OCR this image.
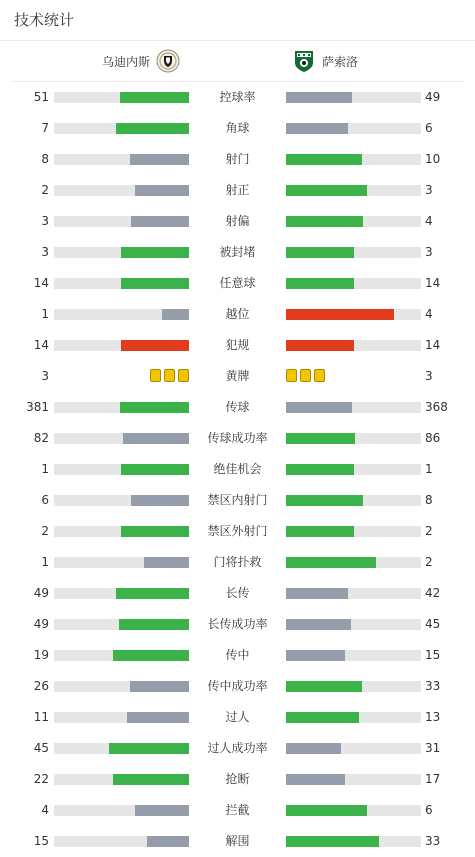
技术统计
乌迪内斯	萨索洛
51	控球率	49
7	角球	6
8	射门	10
2	射正	3
3	射偏	4
3	被封堵	3
14	任意球	14
1	越位	4
14	犯规	14
3	黄牌	3
381	传球	368
82	传球成功率	86
1	绝佳机会	1
6	禁区内射门	8
2	禁区外射门	2
1	门将扑救	2
49	长传	42
49	长传成功率	45
19	传中	15
26	传中成功率	33
11	过人	13
45	过人成功率	31
22	抢断	17
4	拦截	6
15	解围	33
